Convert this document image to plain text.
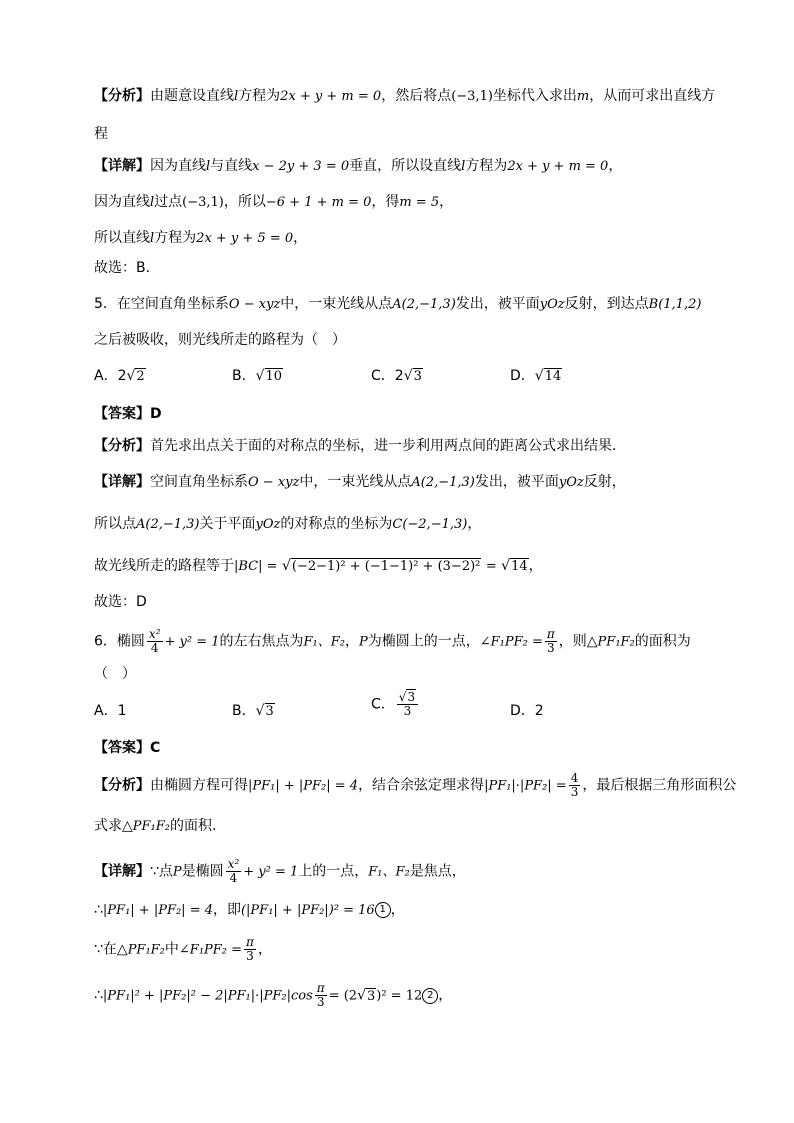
【分析】由题意设直线l方程为2x + y + m = 0，然后将点(−3,1)坐标代入求出m，从而可求出直线方
程
【详解】因为直线l与直线x − 2y + 3 = 0垂直，所以设直线l方程为2x + y + m = 0，
因为直线l过点(−3,1)，所以−6 + 1 + m = 0，得m = 5，
所以直线l方程为2x + y + 5 = 0，
故选：B.
5．在空间直角坐标系O − xyz中，一束光线从点A(2,−1,3)发出，被平面yOz反射，到达点B(1,1,2)
之后被吸收，则光线所走的路程为（　）
A．2√2	B．√10	C．2√3	D．√14
【答案】D
【分析】首先求出点关于面的对称点的坐标，进一步利用两点间的距离公式求出结果．
【详解】空间直角坐标系O − xyz中，一束光线从点A(2,−1,3)发出，被平面yOz反射，
所以点A(2,−1,3)关于平面yOz的对称点的坐标为C(−2,−1,3)，
故光线所走的路程等于|BC| = √(−2−1)² + (−1−1)² + (3−2)² = √14，
故选：D
6．椭圆 $\frac{\text{x²}}{4} + y^2 = 1$的左右焦点为F₁、F₂，P为椭圆上的一点，∠F₁PF₂ = $\frac{\pi}{3}$ ，则△PF₁F₂的面积为
（　）
A．1	B．√3	C． $\frac{√3}{3}$	D．2
【答案】C
【分析】由椭圆方程可得|PF₁| + |PF₂| = 4，结合余弦定理求得$|PF_1|\cdot|PF_2| = \frac{4}{3}$ ，最后根据三角形面积公
式求△PF₁F₂的面积.
【详解】∵点P是椭圆 $\frac{\text{x²}}{4} + y^2 = 1$上的一点，F₁、F₂是焦点，
∴|PF₁| + |PF₂| = 4，即(|PF₁| + |PF₂|)² = 16 1 ，
∵在△PF₁F₂中∠F₁PF₂ = $\frac{\pi}{3}$ ，
∴|PF₁|² + $|PF_2|^2 - 2|PF_1|\cdot|PF_2|\cos \frac{\pi}{3} = (2√3)^2 = 12$ 2 ，
